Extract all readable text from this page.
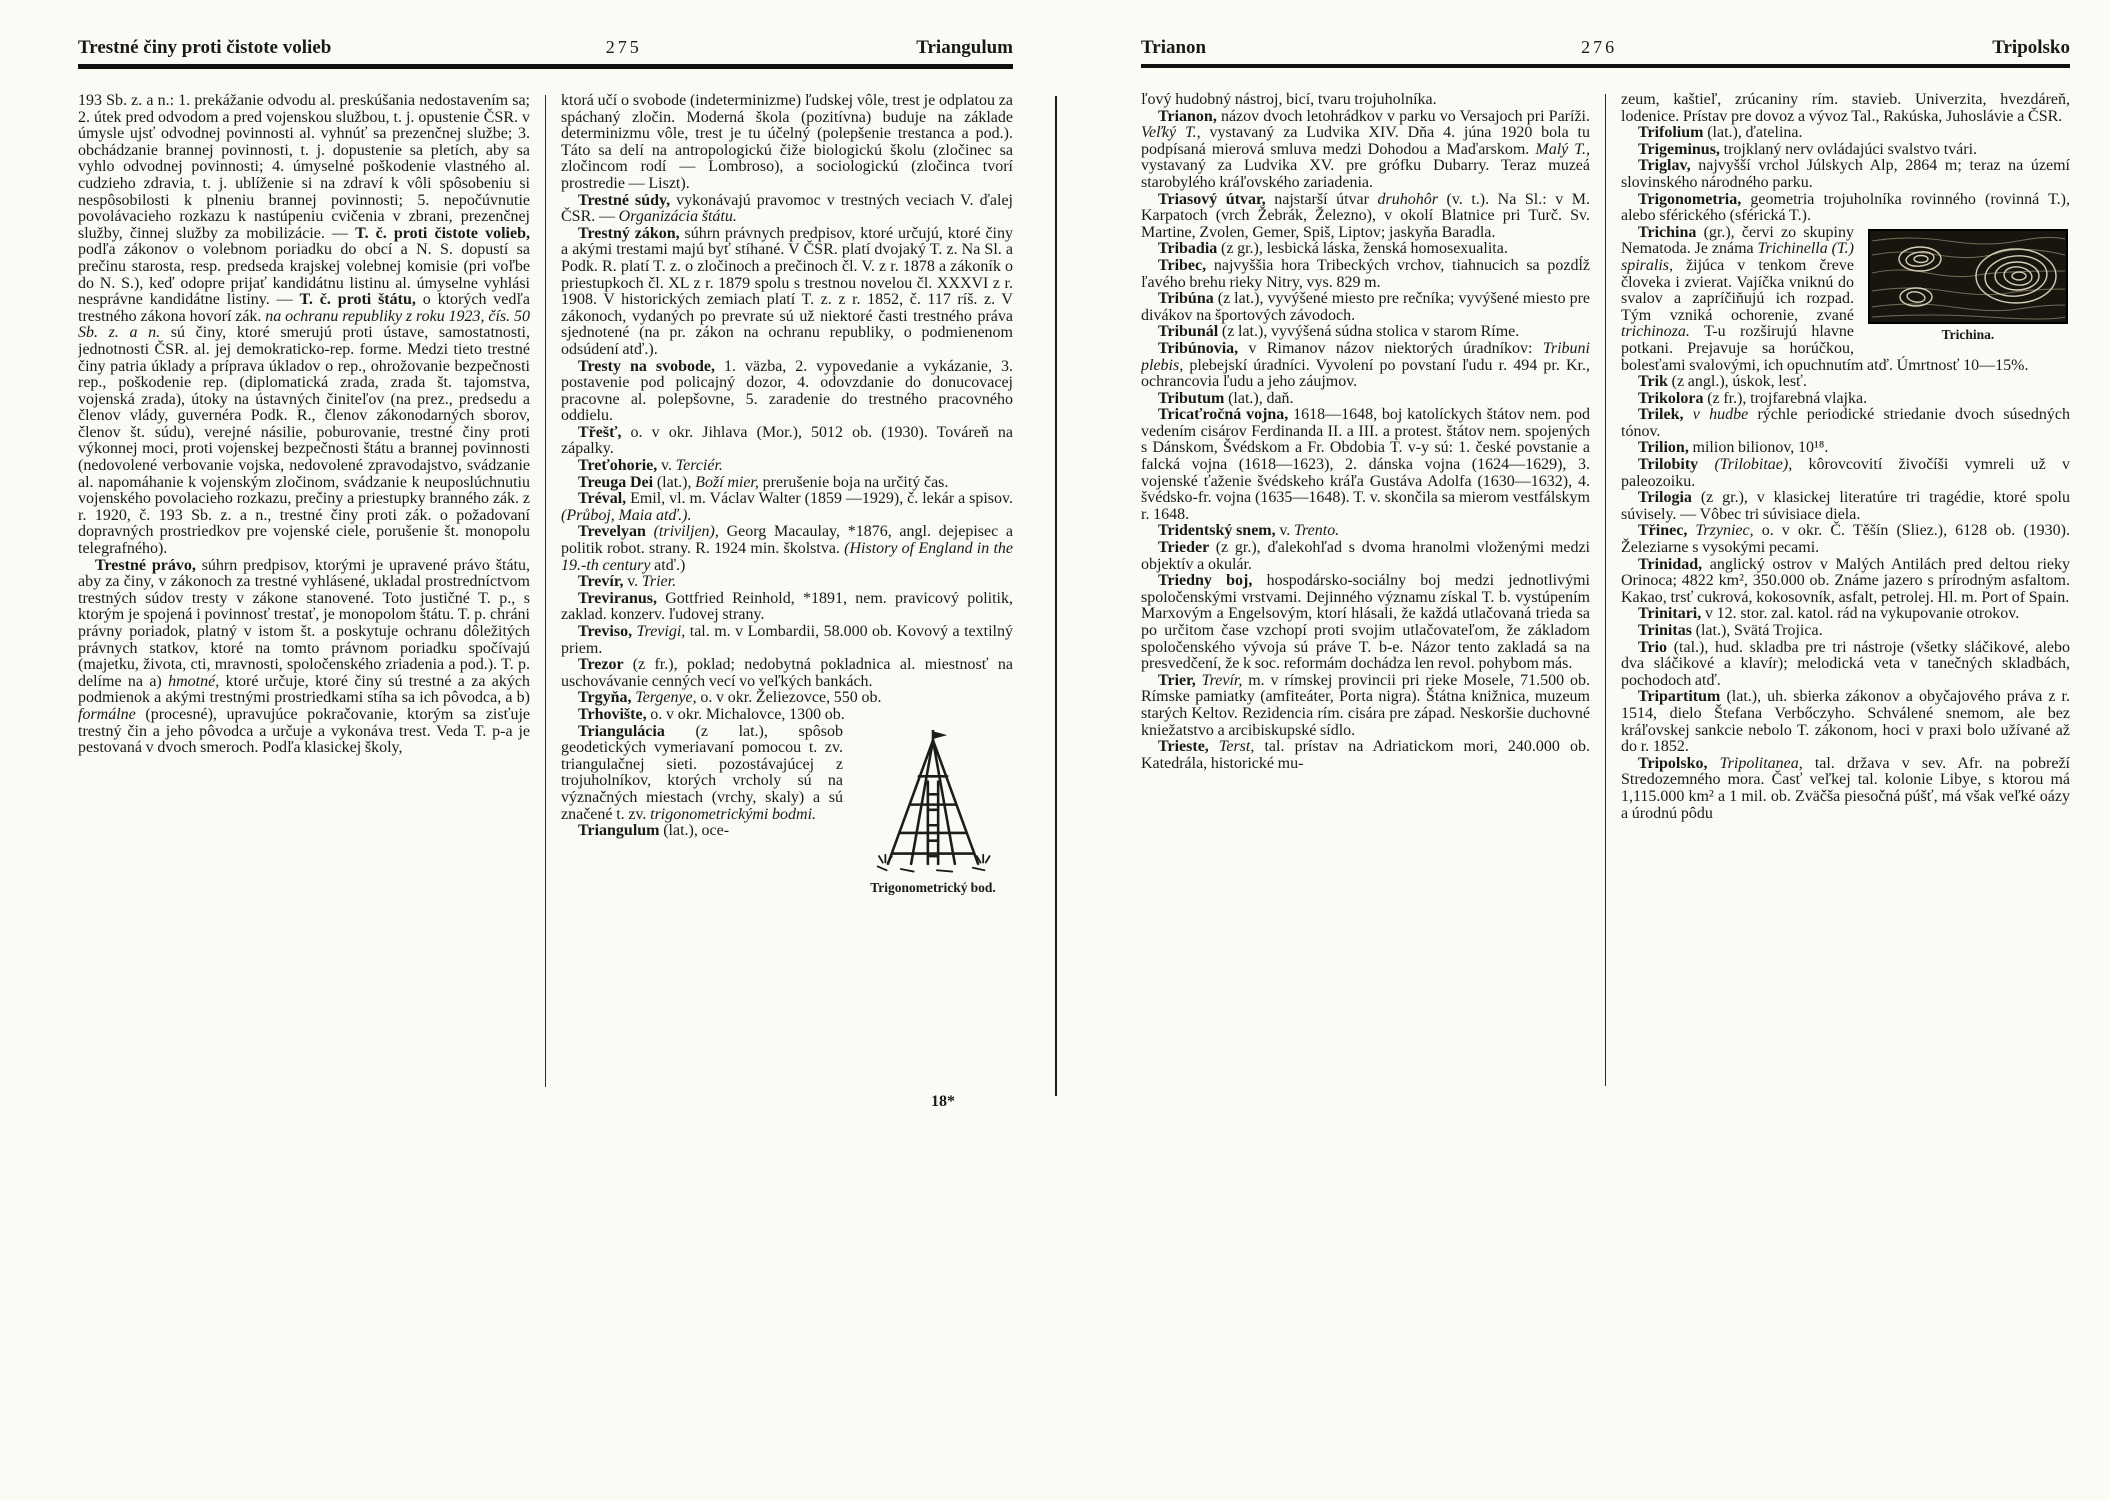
Trestné činy proti čistote volieb	275	Triangulum

193 Sb. z. a n.: 1. prekážanie odvodu al. preskúšania nedostavením sa; 2. útek pred odvodom a pred vojenskou službou, t. j. opustenie ČSR. v úmysle ujsť odvodnej povinnosti al. vyhnúť sa prezenčnej službe; 3. obchádzanie brannej povinnosti, t. j. dopustenie sa pletích, aby sa vyhlo odvodnej povinnosti; 4. úmyselné poškodenie vlastného al. cudzieho zdravia, t. j. ublíženie si na zdraví k vôli spôsobeniu si nespôsobilosti k plneniu brannej povinnosti; 5. nepočúvnutie povolávacieho rozkazu k nastúpeniu cvičenia v zbrani, prezenčnej služby, činnej služby za mobilizácie. — T. č. proti čistote volieb, podľa zákonov o volebnom poriadku do obcí a N. S. dopustí sa prečinu starosta, resp. predseda krajskej volebnej komisie (pri voľbe do N. S.), keď odopre prijať kandidátnu listinu al. úmyselne vyhlási nesprávne kandidátne listiny. — T. č. proti štátu, o ktorých vedľa trestného zákona hovorí zák. na ochranu republiky z roku 1923, čís. 50 Sb. z. a n. sú činy, ktoré smerujú proti ústave, samostatnosti, jednotnosti ČSR. al. jej demokraticko-rep. forme. Medzi tieto trestné činy patria úklady a príprava úkladov o rep., ohrožovanie bezpečnosti rep., poškodenie rep. (diplomatická zrada, zrada št. tajomstva, vojenská zrada), útoky na ústavných činiteľov (na prez., predsedu a členov vlády, guvernéra Podk. R., členov zákonodarných sborov, členov št. súdu), verejné násilie, poburovanie, trestné činy proti výkonnej moci, proti vojenskej bezpečnosti štátu a brannej povinnosti (nedovolené verbovanie vojska, nedovolené zpravodajstvo, svádzanie al. napomáhanie k vojenským zločinom, svádzanie k neuposlúchnutiu vojenského povolacieho rozkazu, prečiny a priestupky branného zák. z r. 1920, č. 193 Sb. z. a n., trestné činy proti zák. o požadovaní dopravných prostriedkov pre vojenské ciele, porušenie št. monopolu telegrafného).

Trestné právo, súhrn predpisov, ktorými je upravené právo štátu, aby za činy, v zákonoch za trestné vyhlásené, ukladal prostredníctvom trestných súdov tresty v zákone stanovené. Toto justičné T. p., s ktorým je spojená i povinnosť trestať, je monopolom štátu. T. p. chráni právny poriadok, platný v istom št. a poskytuje ochranu dôležitých právnych statkov, ktoré na tomto právnom poriadku spočívajú (majetku, života, cti, mravnosti, spoločenského zriadenia a pod.). T. p. delíme na a) hmotné, ktoré určuje, ktoré činy sú trestné a za akých podmienok a akými trestnými prostriedkami stíha sa ich pôvodca, a b) formálne (procesné), upravujúce pokračovanie, ktorým sa zisťuje trestný čin a jeho pôvodca a určuje a vykonáva trest. Veda T. p-a je pestovaná v dvoch smeroch. Podľa klasickej školy,

ktorá učí o svobode (indeterminizme) ľudskej vôle, trest je odplatou za spáchaný zločin. Moderná škola (pozitívna) buduje na základe determinizmu vôle, trest je tu účelný (polepšenie trestanca a pod.). Táto sa delí na antropologickú čiže biologickú školu (zločinec sa zločincom rodí — Lombroso), a sociologickú (zločinca tvorí prostredie — Liszt).

Trestné súdy, vykonávajú pravomoc v trestných veciach V. ďalej ČSR. — Organizácia štátu.

Trestný zákon, súhrn právnych predpisov, ktoré určujú, ktoré činy a akými trestami majú byť stíhané. V ČSR. platí dvojaký T. z. Na Sl. a Podk. R. platí T. z. o zločinoch a prečinoch čl. V. z r. 1878 a zákoník o priestupkoch čl. XL z r. 1879 spolu s trestnou novelou čl. XXXVI z r. 1908. V historických zemiach platí T. z. z r. 1852, č. 117 ríš. z. V zákonoch, vydaných po prevrate sú už niektoré časti trestného práva sjednotené (na pr. zákon na ochranu republiky, o podmienenom odsúdení atď.).

Tresty na svobode, 1. väzba, 2. vypovedanie a vykázanie, 3. postavenie pod policajný dozor, 4. odovzdanie do donucovacej pracovne al. polepšovne, 5. zaradenie do trestného pracovného oddielu.

Třešť, o. v okr. Jihlava (Mor.), 5012 ob. (1930). Továreň na zápalky.

Treťohorie, v. Terciér.

Treuga Dei (lat.), Boží mier, prerušenie boja na určitý čas.

Tréval, Emil, vl. m. Václav Walter (1859 —1929), č. lekár a spisov. (Průboj, Maia atď.).

Trevelyan (triviljen), Georg Macaulay, *1876, angl. dejepisec a politik robot. strany. R. 1924 min. školstva. (History of England in the 19.-th century atď.)

Trevír, v. Trier.

Treviranus, Gottfried Reinhold, *1891, nem. pravicový politik, zaklad. konzerv. ľudovej strany.

Treviso, Trevigi, tal. m. v Lombardii, 58.000 ob. Kovový a textilný priem.

Trezor (z fr.), poklad; nedobytná pokladnica al. miestnosť na uschovávanie cenných vecí vo veľkých bankách.

Trgyňa, Tergenye, o. v okr. Želiezovce, 550 ob.

Trhovište, o. v okr. Michalovce, 1300 ob.

Trigonometrický bod.
Triangulácia (z lat.), spôsob geodetických vymeriavaní pomocou t. zv. triangulačnej sieti. pozostávajúcej z trojuholníkov, ktorých vrcholy sú na význačných miestach (vrchy, skaly) a sú značené t. zv. trigonometrickými bodmi.

Triangulum (lat.), oce-

18*
Trianon	276	Tripolsko

ľový hudobný nástroj, bicí, tvaru trojuholníka.

Trianon, názov dvoch letohrádkov v parku vo Versajoch pri Paríži. Veľký T., vystavaný za Ludvika XIV. Dňa 4. júna 1920 bola tu podpísaná mierová smluva medzi Dohodou a Maďarskom. Malý T., vystavaný za Ludvika XV. pre grófku Dubarry. Teraz muzeá starobylého kráľovského zariadenia.

Triasový útvar, najstarší útvar druhohôr (v. t.). Na Sl.: v M. Karpatoch (vrch Žebrák, Železno), v okolí Blatnice pri Turč. Sv. Martine, Zvolen, Gemer, Spiš, Liptov; jaskyňa Baradla.

Tribadia (z gr.), lesbická láska, ženská homosexualita.

Tribec, najvyššia hora Tribeckých vrchov, tiahnucich sa pozdĺž ľavého brehu rieky Nitry, vys. 829 m.

Tribúna (z lat.), vyvýšené miesto pre rečníka; vyvýšené miesto pre divákov na športových závodoch.

Tribunál (z lat.), vyvýšená súdna stolica v starom Ríme.

Tribúnovia, v Rimanov názov niektorých úradníkov: Tribuni plebis, plebejskí úradníci. Vyvolení po povstaní ľudu r. 494 pr. Kr., ochrancovia ľudu a jeho záujmov.

Tributum (lat.), daň.

Tricaťročná vojna, 1618—1648, boj katolíckych štátov nem. pod vedením cisárov Ferdinanda II. a III. a protest. štátov nem. spojených s Dánskom, Švédskom a Fr. Obdobia T. v-y sú: 1. české povstanie a falcká vojna (1618—1623), 2. dánska vojna (1624—1629), 3. vojenské ťaženie švédskeho kráľa Gustáva Adolfa (1630—1632), 4. švédsko-fr. vojna (1635—1648). T. v. skončila sa mierom vestfálskym r. 1648.

Tridentský snem, v. Trento.

Trieder (z gr.), ďalekohľad s dvoma hranolmi vloženými medzi objektív a okulár.

Triedny boj, hospodársko-sociálny boj medzi jednotlivými spoločenskými vrstvami. Dejinného významu získal T. b. vystúpením Marxovým a Engelsovým, ktorí hlásali, že každá utlačovaná trieda sa po určitom čase vzchopí proti svojim utlačovateľom, že základom spoločenského vývoja sú práve T. b-e. Názor tento zakladá sa na presvedčení, že k soc. reformám dochádza len revol. pohybom más.

Trier, Trevír, m. v rímskej provincii pri rieke Mosele, 71.500 ob. Rímske pamiatky (amfiteáter, Porta nigra). Štátna knižnica, muzeum starých Keltov. Rezidencia rím. cisára pre západ. Neskoršie duchovné kniežatstvo a arcibiskupské sídlo.

Trieste, Terst, tal. prístav na Adriatickom mori, 240.000 ob. Katedrála, historické mu-

zeum, kaštieľ, zrúcaniny rím. stavieb. Univerzita, hvezdáreň, lodenice. Prístav pre dovoz a vývoz Tal., Rakúska, Juhoslávie a ČSR.

Trifolium (lat.), ďatelina.

Trigeminus, trojklaný nerv ovládajúci svalstvo tvári.

Triglav, najvyšší vrchol Júlskych Alp, 2864 m; teraz na území slovinského národného parku.

Trigonometria, geometria trojuholníka rovinného (rovinná T.), alebo sférického (sférická T.).

Trichina.
Trichina (gr.), červi zo skupiny Nematoda. Je známa Trichinella (T.) spiralis, žijúca v tenkom čreve človeka i zvierat. Vajíčka vniknú do svalov a zapríčiňujú ich rozpad. Tým vzniká ochorenie, zvané trichinoza. T-u rozširujú hlavne potkani. Prejavuje sa horúčkou, bolesťami svalovými, ich opuchnutím atď. Úmrtnosť 10—15%.

Trik (z angl.), úskok, lesť.

Trikolora (z fr.), trojfarebná vlajka.

Trilek, v hudbe rýchle periodické striedanie dvoch súsedných tónov.

Trilion, milion bilionov, 10¹⁸.

Trilobity (Trilobitae), kôrovcovití živočíši vymreli už v paleozoiku.

Trilogia (z gr.), v klasickej literatúre tri tragédie, ktoré spolu súvisely. — Vôbec tri súvisiace diela.

Třinec, Trzyniec, o. v okr. Č. Těšín (Sliez.), 6128 ob. (1930). Železiarne s vysokými pecami.

Trinidad, anglický ostrov v Malých Antilách pred deltou rieky Orinoca; 4822 km², 350.000 ob. Známe jazero s prírodným asfaltom. Kakao, trsť cukrová, kokosovník, asfalt, petrolej. Hl. m. Port of Spain.

Trinitari, v 12. stor. zal. katol. rád na vykupovanie otrokov.

Trinitas (lat.), Svätá Trojica.

Trio (tal.), hud. skladba pre tri nástroje (všetky sláčikové, alebo dva sláčikové a klavír); melodická veta v tanečných skladbách, pochodoch atď.

Tripartitum (lat.), uh. sbierka zákonov a obyčajového práva z r. 1514, dielo Štefana Verbőczyho. Schválené snemom, ale bez kráľovskej sankcie nebolo T. zákonom, hoci v praxi bolo užívané až do r. 1852.

Tripolsko, Tripolitanea, tal. država v sev. Afr. na pobreží Stredozemného mora. Časť veľkej tal. kolonie Libye, s ktorou má 1,115.000 km² a 1 mil. ob. Zväčša piesočná púšť, má však veľké oázy a úrodnú pôdu
